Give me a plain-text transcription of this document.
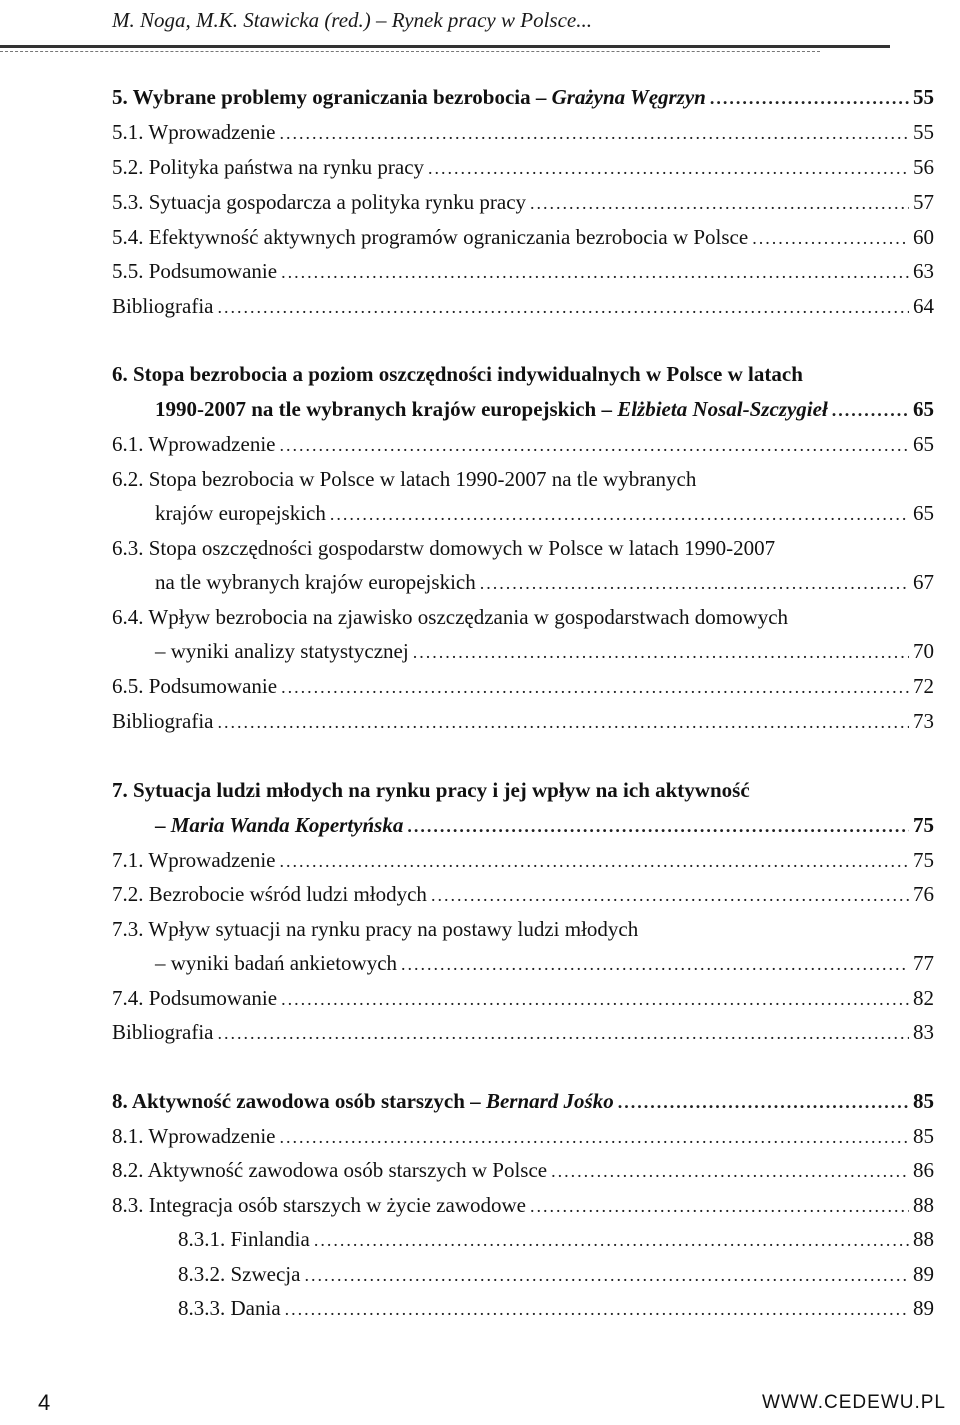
M. Noga, M.K. Stawicka (red.) – Rynek pracy w Polsce...
5. Wybrane problemy ograniczania bezrobocia – Grażyna Węgrzyn .....	55
5.1. Wprowadzenie .....	55
5.2. Polityka państwa na rynku pracy .....	56
5.3. Sytuacja gospodarcza a polityka rynku pracy .....	57
5.4. Efektywność aktywnych programów ograniczania bezrobocia w Polsce .....	60
5.5. Podsumowanie .....	63
Bibliografia .....	64
6. Stopa bezrobocia a poziom oszczędności indywidualnych w Polsce w latach
1990-2007 na tle wybranych krajów europejskich – Elżbieta Nosal-Szczygieł .....	65
6.1. Wprowadzenie .....	65
6.2. Stopa bezrobocia w Polsce w latach 1990-2007 na tle wybranych
krajów europejskich .....	65
6.3. Stopa oszczędności gospodarstw domowych w Polsce w latach 1990-2007
na tle wybranych krajów europejskich .....	67
6.4. Wpływ bezrobocia na zjawisko oszczędzania w gospodarstwach domowych
– wyniki analizy statystycznej .....	70
6.5. Podsumowanie .....	72
Bibliografia .....	73
7. Sytuacja ludzi młodych na rynku pracy i jej wpływ na ich aktywność
– Maria Wanda Kopertyńska .....	75
7.1. Wprowadzenie .....	75
7.2. Bezrobocie wśród ludzi młodych .....	76
7.3. Wpływ sytuacji na rynku pracy na postawy ludzi młodych
– wyniki badań ankietowych .....	77
7.4. Podsumowanie .....	82
Bibliografia .....	83
8. Aktywność zawodowa osób starszych – Bernard Jośko .....	85
8.1. Wprowadzenie .....	85
8.2. Aktywność zawodowa osób starszych w Polsce .....	86
8.3. Integracja osób starszych w życie zawodowe .....	88
8.3.1. Finlandia .....	88
8.3.2. Szwecja .....	89
8.3.3. Dania .....	89
4	WWW.CEDEWU.PL
